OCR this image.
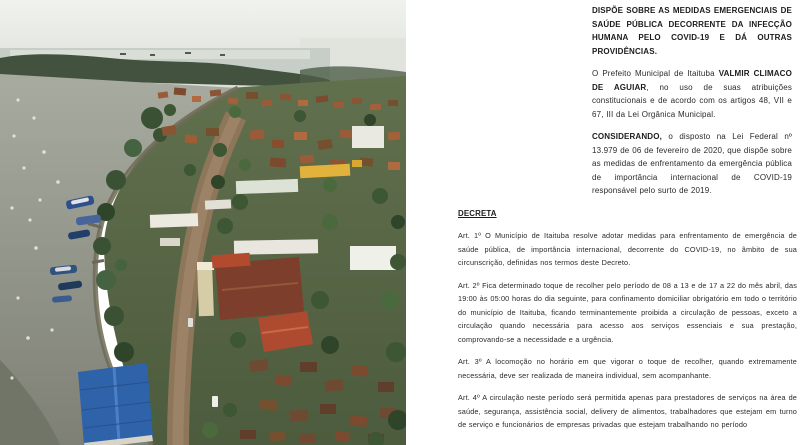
DISPÕE SOBRE AS MEDIDAS EMERGENCIAIS DE SAÚDE PÚBLICA DECORRENTE DA INFECÇÃO HUMANA PELO COVID-19 E DÁ OUTRAS PROVIDÊNCIAS.

O Prefeito Municipal de Itaituba VALMIR CLIMACO DE AGUIAR, no uso de suas atribuições constitucionais e de acordo com os artigos 48, VII e 67, III da Lei Orgânica Municipal.

CONSIDERANDO, o disposto na Lei Federal nº 13.979 de 06 de fevereiro de 2020, que dispõe sobre as medidas de enfrentamento da emergência pública de importância internacional de COVID-19 responsável pelo surto de 2019.

DECRETA

Art. 1º O Município de Itaituba resolve adotar medidas para enfrentamento de emergência de saúde pública, de importância internacional, decorrente do COVID-19, no âmbito de sua circunscrição, definidas nos termos deste Decreto.

Art. 2º Fica determinado toque de recolher pelo período de 08 a 13 e de 17 a 22 do mês abril, das 19:00 às 05:00 horas do dia seguinte, para confinamento domiciliar obrigatório em todo o território do município de Itaituba, ficando terminantemente proibida a circulação de pessoas, exceto a circulação quando necessária para acesso aos serviços essenciais e sua prestação, comprovando-se a necessidade e a urgência.

Art. 3º A locomoção no horário em que vigorar o toque de recolher, quando extremamente necessária, deve ser realizada de maneira individual, sem acompanhante.

Art. 4º A circulação neste período será permitida apenas para prestadores de serviços na área de saúde, segurança, assistência social, delivery de alimentos, trabalhadores que estejam em turno de serviço e funcionários de empresas privadas que estejam trabalhando no período
